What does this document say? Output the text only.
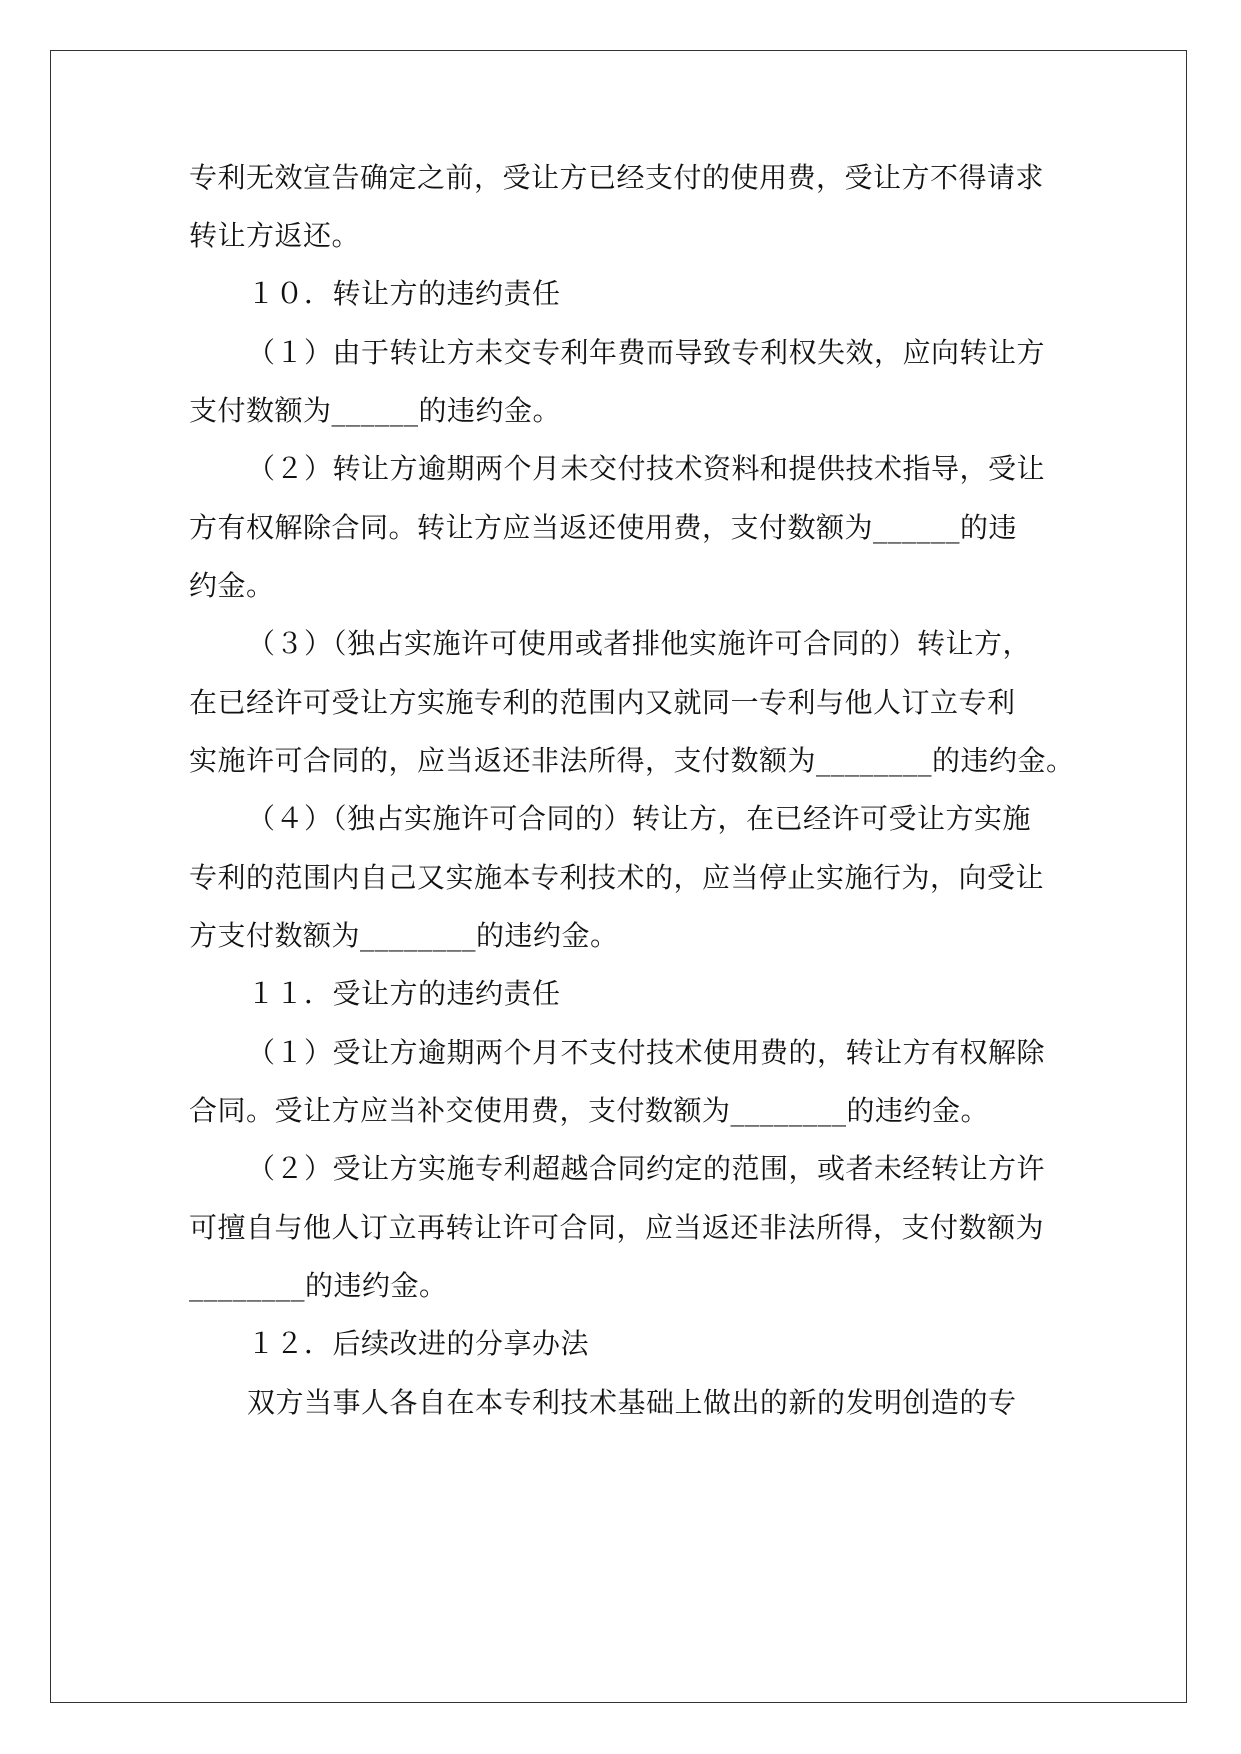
专利无效宣告确定之前，受让方已经支付的使用费，受让方不得请求
转让方返还。
１０．转让方的违约责任
（１）由于转让方未交专利年费而导致专利权失效，应向转让方
支付数额为______的违约金。
（２）转让方逾期两个月未交付技术资料和提供技术指导，受让
方有权解除合同。转让方应当返还使用费，支付数额为______的违
约金。
（３）（独占实施许可使用或者排他实施许可合同的）转让方，
在已经许可受让方实施专利的范围内又就同一专利与他人订立专利
实施许可合同的，应当返还非法所得，支付数额为________的违约金。
（４）（独占实施许可合同的）转让方，在已经许可受让方实施
专利的范围内自己又实施本专利技术的，应当停止实施行为，向受让
方支付数额为________的违约金。
１１．受让方的违约责任
（１）受让方逾期两个月不支付技术使用费的，转让方有权解除
合同。受让方应当补交使用费，支付数额为________的违约金。
（２）受让方实施专利超越合同约定的范围，或者未经转让方许
可擅自与他人订立再转让许可合同，应当返还非法所得，支付数额为
________的违约金。
１２．后续改进的分享办法
双方当事人各自在本专利技术基础上做出的新的发明创造的专
